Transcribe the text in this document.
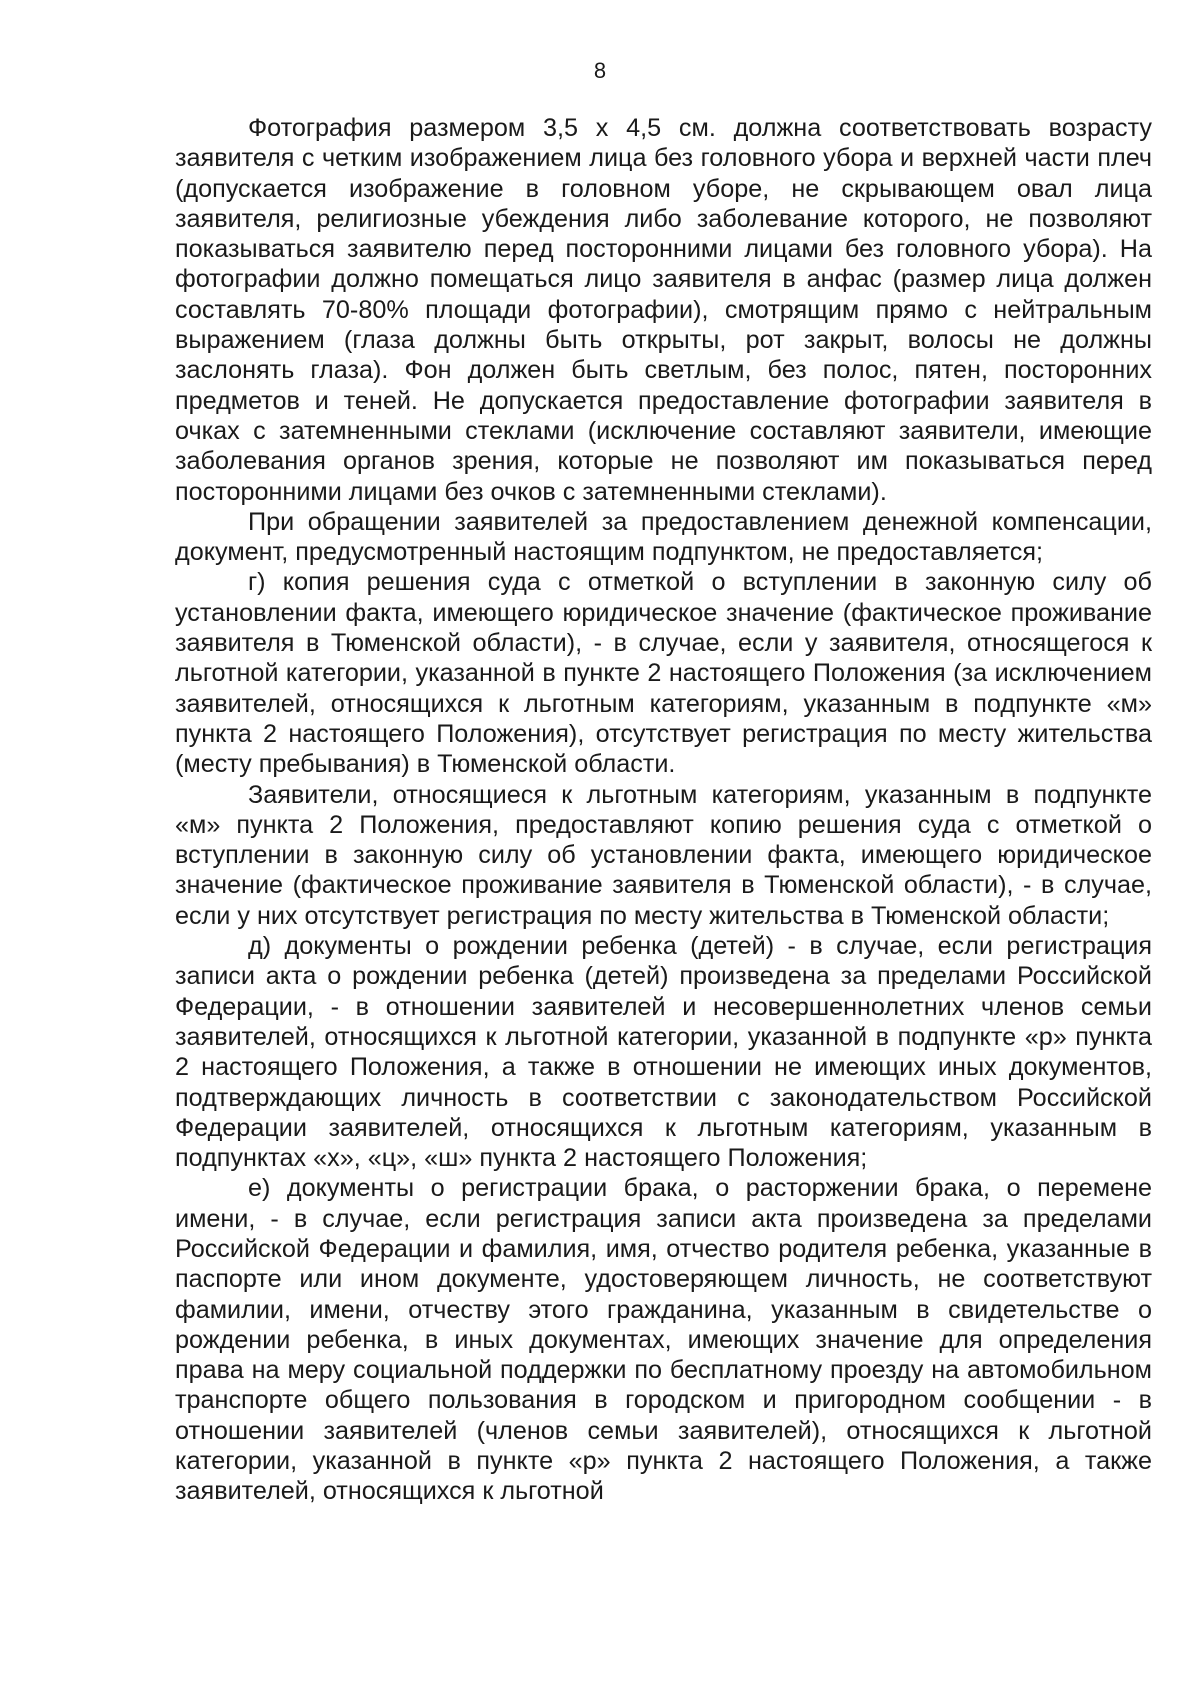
8

Фотография размером 3,5 х 4,5 см. должна соответствовать возрасту заявителя с четким изображением лица без головного убора и верхней части плеч (допускается изображение в головном уборе, не скрывающем овал лица заявителя, религиозные убеждения либо заболевание которого, не позволяют показываться заявителю перед посторонними лицами без головного убора). На фотографии должно помещаться лицо заявителя в анфас (размер лица должен составлять 70-80% площади фотографии), смотрящим прямо с нейтральным выражением (глаза должны быть открыты, рот закрыт, волосы не должны заслонять глаза). Фон должен быть светлым, без полос, пятен, посторонних предметов и теней. Не допускается предоставление фотографии заявителя в очках с затемненными стеклами (исключение составляют заявители, имеющие заболевания органов зрения, которые не позволяют им показываться перед посторонними лицами без очков с затемненными стеклами).

При обращении заявителей за предоставлением денежной компенсации, документ, предусмотренный настоящим подпунктом, не предоставляется;

г) копия решения суда с отметкой о вступлении в законную силу об установлении факта, имеющего юридическое значение (фактическое проживание заявителя в Тюменской области), - в случае, если у заявителя, относящегося к льготной категории, указанной в пункте 2 настоящего Положения (за исключением заявителей, относящихся к льготным категориям, указанным в подпункте «м» пункта 2 настоящего Положения), отсутствует регистрация по месту жительства (месту пребывания) в Тюменской области.

Заявители, относящиеся к льготным категориям, указанным в подпункте «м» пункта 2 Положения, предоставляют копию решения суда с отметкой о вступлении в законную силу об установлении факта, имеющего юридическое значение (фактическое проживание заявителя в Тюменской области), - в случае, если у них отсутствует регистрация по месту жительства в Тюменской области;

д) документы о рождении ребенка (детей) - в случае, если регистрация записи акта о рождении ребенка (детей) произведена за пределами Российской Федерации, - в отношении заявителей и несовершеннолетних членов семьи заявителей, относящихся к льготной категории, указанной в подпункте «р» пункта 2 настоящего Положения, а также в отношении не имеющих иных документов, подтверждающих личность в соответствии с законодательством Российской Федерации заявителей, относящихся к льготным категориям, указанным в подпунктах «х», «ц», «ш» пункта 2 настоящего Положения;

е) документы о регистрации брака, о расторжении брака, о перемене имени, - в случае, если регистрация записи акта произведена за пределами Российской Федерации и фамилия, имя, отчество родителя ребенка, указанные в паспорте или ином документе, удостоверяющем личность, не соответствуют фамилии, имени, отчеству этого гражданина, указанным в свидетельстве о рождении ребенка, в иных документах, имеющих значение для определения права на меру социальной поддержки по бесплатному проезду на автомобильном транспорте общего пользования в городском и пригородном сообщении - в отношении заявителей (членов семьи заявителей), относящихся к льготной категории, указанной в пункте «р» пункта 2 настоящего Положения, а также заявителей, относящихся к льготной
